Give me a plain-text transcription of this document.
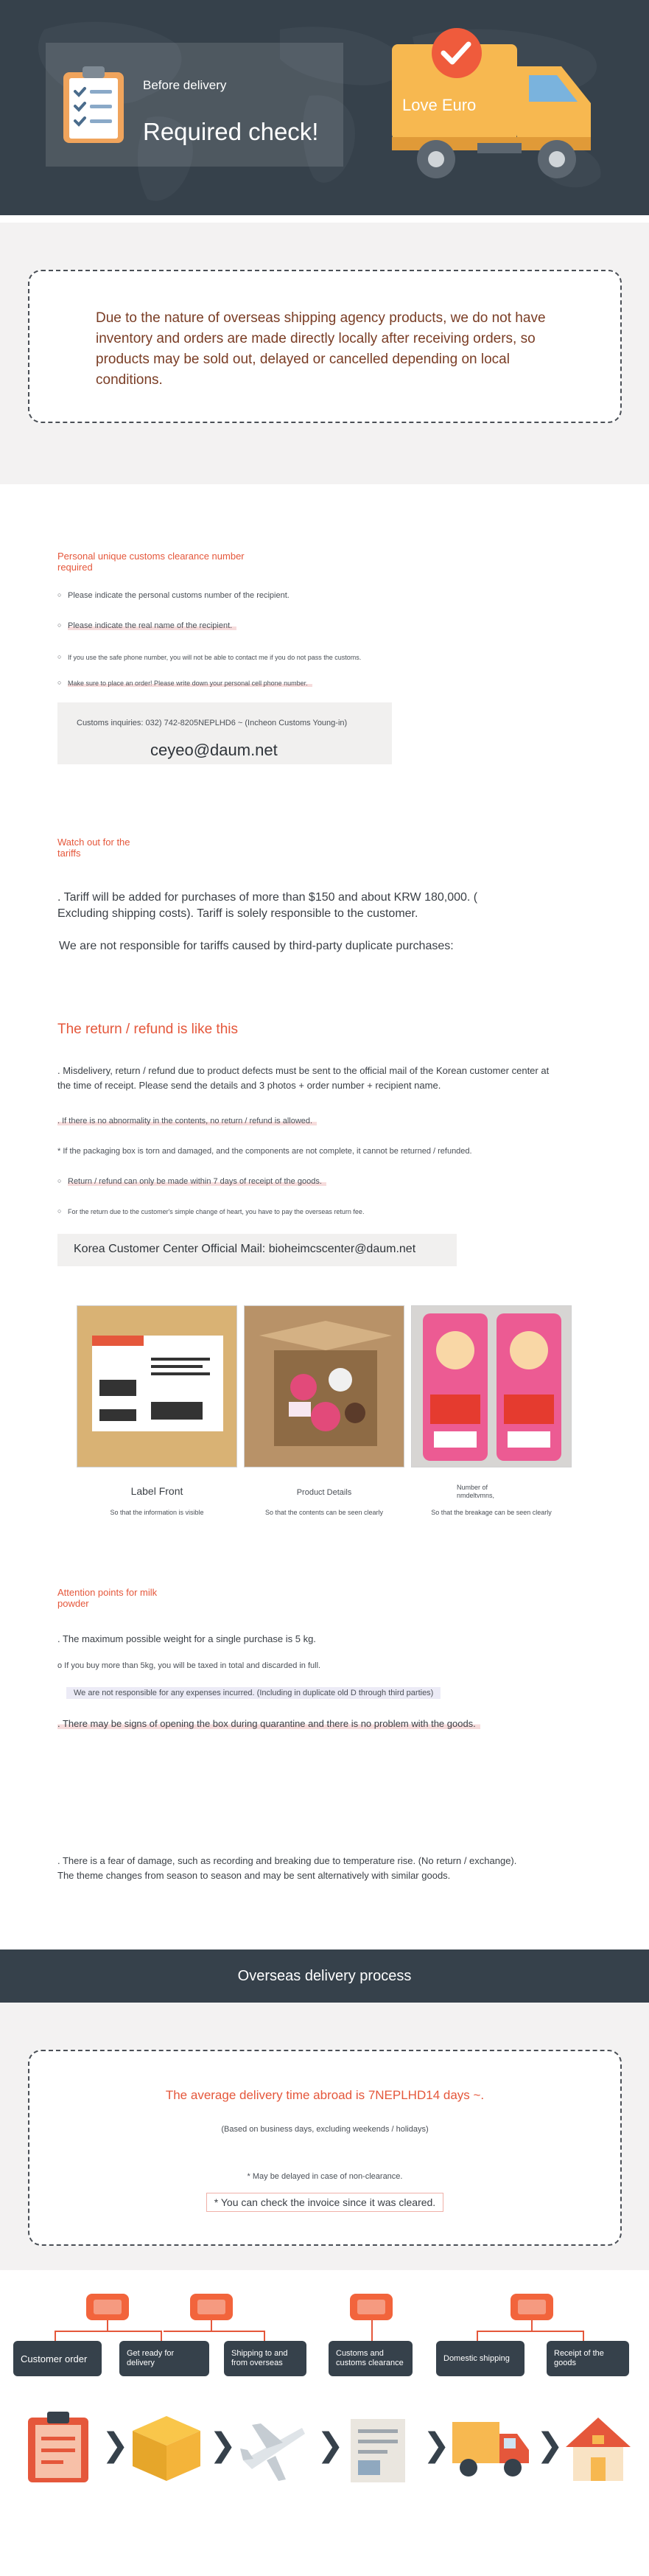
Before delivery
Required check!
Love Euro
Due to the nature of overseas shipping agency products, we do not have inventory and orders are made directly locally after receiving orders, so products may be sold out, delayed or cancelled depending on local conditions.
Personal unique customs clearance number
required
○ Please indicate the personal customs number of the recipient.
○ Please indicate the real name of the recipient.
○ If you use the safe phone number, you will not be able to contact me if you do not pass the customs.
○ Make sure to place an order! Please write down your personal cell phone number.
Customs inquiries: 032) 742-8205NEPLHD6 ~ (Incheon Customs Young-in)
ceyeo@daum.net
Watch out for the
tariffs
. Tariff will be added for purchases of more than $150 and about KRW 180,000. ( Excluding shipping costs). Tariff is solely responsible to the customer.
We are not responsible for tariffs caused by third-party duplicate purchases:
The return / refund is like this
. Misdelivery, return / refund due to product defects must be sent to the official mail of the Korean customer center at the time of receipt. Please send the details and 3 photos + order number + recipient name.
. If there is no abnormality in the contents, no return / refund is allowed.
* If the packaging box is torn and damaged, and the components are not complete, it cannot be returned / refunded.
○ Return / refund can only be made within 7 days of receipt of the goods.
○ For the return due to the customer's simple change of heart, you have to pay the overseas return fee.
Korea Customer Center Official Mail: bioheimcscenter@daum.net
Label Front
So that the information is visible
Product Details
So that the contents can be seen clearly
Number of
nmdeltvmns,
So that the breakage can be seen clearly
Attention points for milk
powder
. The maximum possible weight for a single purchase is 5 kg.
o If you buy more than 5kg, you will be taxed in total and discarded in full.
We are not responsible for any expenses incurred. (Including in duplicate old D through third parties)
. There may be signs of opening the box during quarantine and there is no problem with the goods.
. There is a fear of damage, such as recording and breaking due to temperature rise. (No return / exchange). The theme changes from season to season and may be sent alternatively with similar goods.
Overseas delivery process
The average delivery time abroad is 7NEPLHD14 days ~.
(Based on business days, excluding weekends / holidays)
* May be delayed in case of non-clearance.
* You can check the invoice since it was cleared.
Customer order	Get ready for delivery
Shipping to and from overseas
Customs and customs clearance
Domestic shipping
Receipt of the goods
❯ ❯ ❯ ❯	❯
